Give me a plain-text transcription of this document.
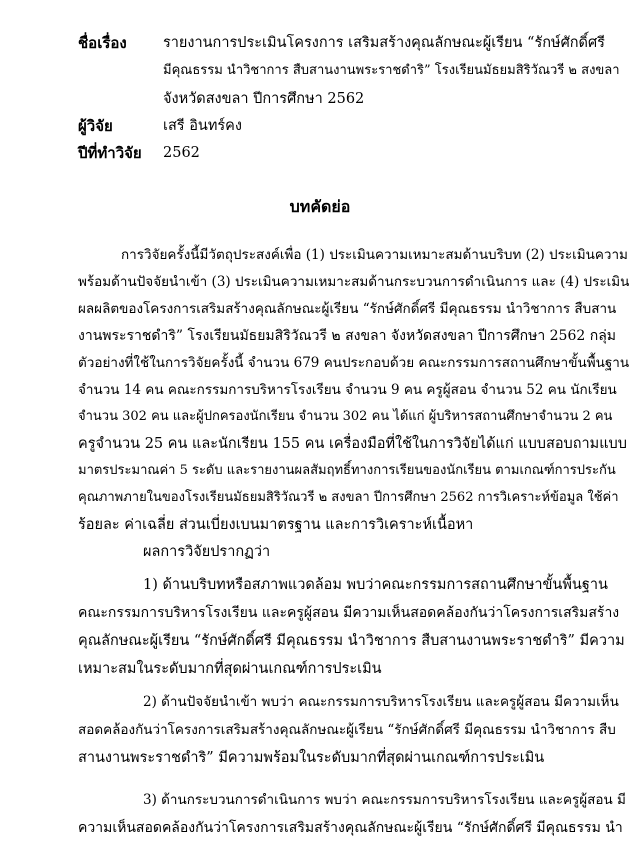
ชื่อเรื่อง	รายงานการประเมินโครงการ เสริมสร้างคุณลักษณะผู้เรียน “รักษ์ศักดิ์ศรี
มีคุณธรรม นำวิชาการ สืบสานงานพระราชดำริ” โรงเรียนมัธยมสิริวัณวรี ๒ สงขลา
จังหวัดสงขลา ปีการศึกษา 2562
ผู้วิจัย	เสรี อินทร์คง
ปีที่ทำวิจัย 2562
บทคัดย่อ
การวิจัยครั้งนี้มีวัตถุประสงค์เพื่อ (1) ประเมินความเหมาะสมด้านบริบท (2) ประเมินความ
พร้อมด้านปัจจัยนำเข้า (3) ประเมินความเหมาะสมด้านกระบวนการดำเนินการ และ (4) ประเมิน
ผลผลิตของโครงการเสริมสร้างคุณลักษณะผู้เรียน “รักษ์ศักดิ์ศรี มีคุณธรรม นำวิชาการ สืบสาน
งานพระราชดำริ” โรงเรียนมัธยมสิริวัณวรี ๒ สงขลา จังหวัดสงขลา ปีการศึกษา 2562 กลุ่ม
ตัวอย่างที่ใช้ในการวิจัยครั้งนี้ จำนวน 679 คนประกอบด้วย คณะกรรมการสถานศึกษาขั้นพื้นฐาน
จำนวน 14 คน คณะกรรมการบริหารโรงเรียน จำนวน 9 คน ครูผู้สอน จำนวน 52 คน นักเรียน
จำนวน 302 คน และผู้ปกครองนักเรียน จำนวน 302 คน ได้แก่ ผู้บริหารสถานศึกษาจำนวน 2 คน
ครูจำนวน 25 คน และนักเรียน 155 คน เครื่องมือที่ใช้ในการวิจัยได้แก่ แบบสอบถามแบบ
มาตรประมาณค่า 5 ระดับ และรายงานผลสัมฤทธิ์ทางการเรียนของนักเรียน ตามเกณฑ์การประกัน
คุณภาพภายในของโรงเรียนมัธยมสิริวัณวรี ๒ สงขลา ปีการศึกษา 2562 การวิเคราะห์ข้อมูล ใช้ค่า
ร้อยละ ค่าเฉลี่ย ส่วนเบี่ยงเบนมาตรฐาน และการวิเคราะห์เนื้อหา
ผลการวิจัยปรากฏว่า
1) ด้านบริบทหรือสภาพแวดล้อม พบว่าคณะกรรมการสถานศึกษาขั้นพื้นฐาน
คณะกรรมการบริหารโรงเรียน และครูผู้สอน มีความเห็นสอดคล้องกันว่าโครงการเสริมสร้าง
คุณลักษณะผู้เรียน “รักษ์ศักดิ์ศรี มีคุณธรรม นำวิชาการ สืบสานงานพระราชดำริ” มีความ
เหมาะสมในระดับมากที่สุดผ่านเกณฑ์การประเมิน
2) ด้านปัจจัยนำเข้า พบว่า คณะกรรมการบริหารโรงเรียน และครูผู้สอน มีความเห็น
สอดคล้องกันว่าโครงการเสริมสร้างคุณลักษณะผู้เรียน “รักษ์ศักดิ์ศรี มีคุณธรรม นำวิชาการ สืบ
สานงานพระราชดำริ” มีความพร้อมในระดับมากที่สุดผ่านเกณฑ์การประเมิน
3) ด้านกระบวนการดำเนินการ พบว่า คณะกรรมการบริหารโรงเรียน และครูผู้สอน มี
ความเห็นสอดคล้องกันว่าโครงการเสริมสร้างคุณลักษณะผู้เรียน “รักษ์ศักดิ์ศรี มีคุณธรรม นำ
